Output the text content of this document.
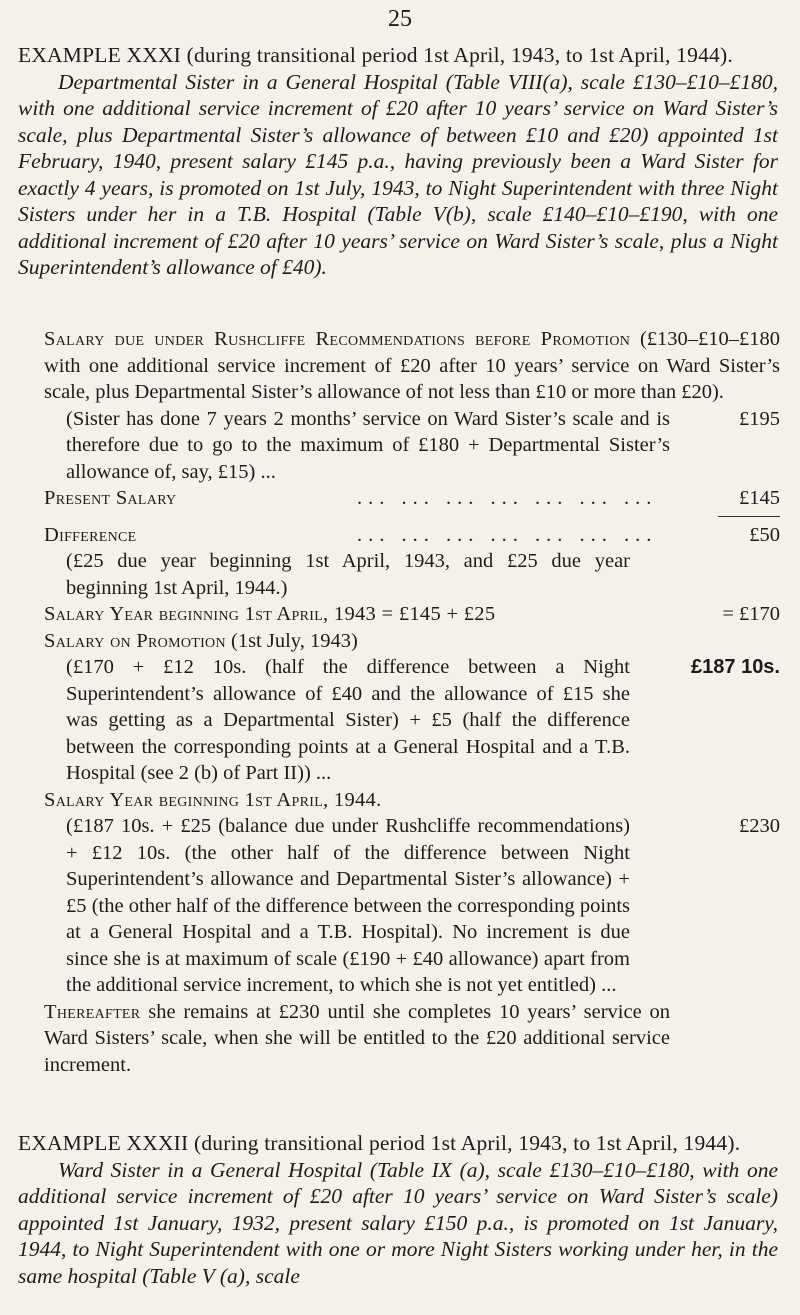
25
EXAMPLE XXXI (during transitional period 1st April, 1943, to 1st April, 1944).
Departmental Sister in a General Hospital (Table VIII(a), scale £130–£10–£180, with one additional service increment of £20 after 10 years’ service on Ward Sister’s scale, plus Departmental Sister’s allowance of between £10 and £20) appointed 1st February, 1940, present salary £145 p.a., having previously been a Ward Sister for exactly 4 years, is promoted on 1st July, 1943, to Night Superintendent with three Night Sisters under her in a T.B. Hospital (Table V(b), scale £140–£10–£190, with one additional increment of £20 after 10 years’ service on Ward Sister’s scale, plus a Night Superintendent’s allowance of £40).
Salary due under Rushcliffe Recommendations before Promotion (£130–£10–£180 with one additional service increment of £20 after 10 years’ service on Ward Sister’s scale, plus Departmental Sister’s allowance of not less than £10 or more than £20).
(Sister has done 7 years 2 months’ service on Ward Sister’s scale and is therefore due to go to the maximum of £180 + Departmental Sister’s allowance of, say, £15) ...
£195
Present Salary	... ... ... ... ... ... ...	£145
Difference	... ... ... ... ... ... ...	£50
(£25 due year beginning 1st April, 1943, and £25 due year beginning 1st April, 1944.)
Salary Year beginning 1st April, 1943 = £145 + £25	= £170
Salary on Promotion (1st July, 1943)
(£170 + £12 10s. (half the difference between a Night Superintendent’s allowance of £40 and the allowance of £15 she was getting as a Departmental Sister) + £5 (half the difference between the corresponding points at a General Hospital and a T.B. Hospital (see 2 (b) of Part II)) ...
£187 10s.
Salary Year beginning 1st April, 1944.
(£187 10s. + £25 (balance due under Rushcliffe recommendations) + £12 10s. (the other half of the difference between Night Superintendent’s allowance and Departmental Sister’s allowance) + £5 (the other half of the difference between the corresponding points at a General Hospital and a T.B. Hospital). No increment is due since she is at maximum of scale (£190 + £40 allowance) apart from the additional service increment, to which she is not yet entitled) ...
£230
Thereafter she remains at £230 until she completes 10 years’ service on Ward Sisters’ scale, when she will be entitled to the £20 additional service increment.
EXAMPLE XXXII (during transitional period 1st April, 1943, to 1st April, 1944).
Ward Sister in a General Hospital (Table IX (a), scale £130–£10–£180, with one additional service increment of £20 after 10 years’ service on Ward Sister’s scale) appointed 1st January, 1932, present salary £150 p.a., is promoted on 1st January, 1944, to Night Superintendent with one or more Night Sisters working under her, in the same hospital (Table V (a), scale
